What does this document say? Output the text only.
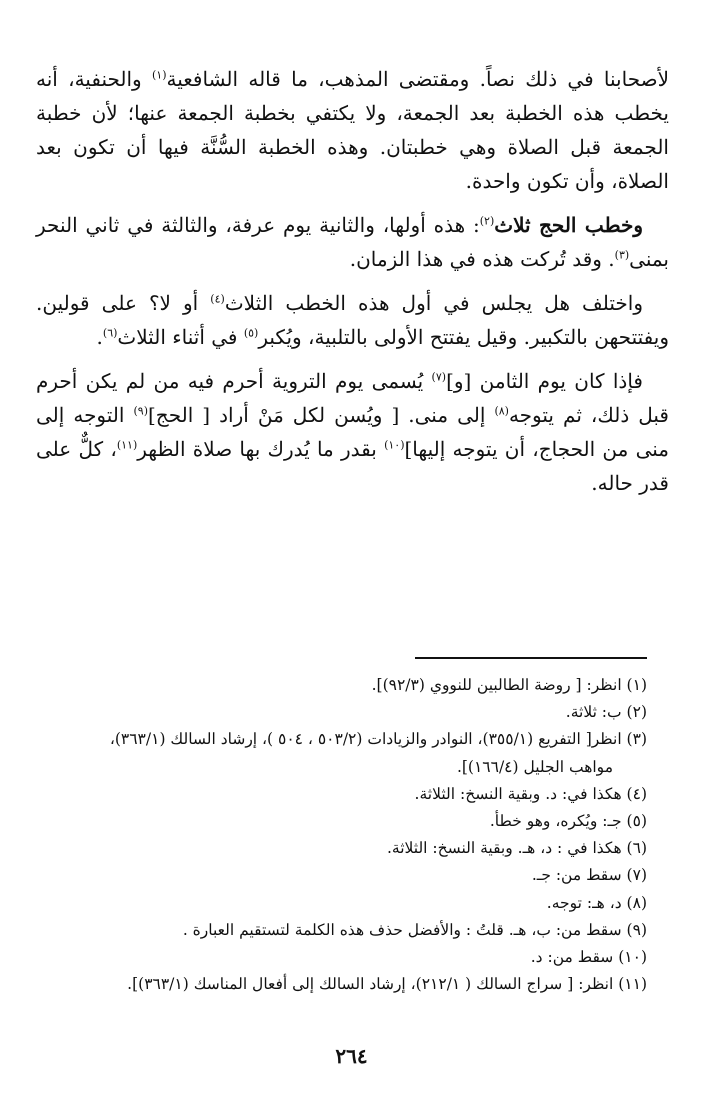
لأصحابنا في ذلك نصاً. ومقتضى المذهب، ما قاله الشافعية$^{(١)}$ والحنفية، أنه يخطب هذه الخطبة بعد الجمعة، ولا يكتفي بخطبة الجمعة عنها؛ لأن خطبة الجمعة قبل الصلاة وهي خطبتان. وهذه الخطبة السُّنَّة فيها أن تكون بعد الصلاة، وأن تكون واحدة.

وخطب الحج ثلاث$^{(٢)}$: هذه أولها، والثانية يوم عرفة، والثالثة في ثاني النحر بمنى$^{(٣)}$. وقد تُركت هذه في هذا الزمان.

واختلف هل يجلس في أول هذه الخطب الثلاث$^{(٤)}$ أو لا؟ على قولين. ويفتتحهن بالتكبير. وقيل يفتتح الأولى بالتلبية، ويُكبر$^{(٥)}$ في أثناء الثلاث$^{(٦)}$.

فإذا كان يوم الثامن [و]$^{(٧)}$ يُسمى يوم التروية أحرم فيه من لم يكن أحرم قبل ذلك، ثم يتوجه$^{(٨)}$ إلى منى. [ ويُسن لكل مَنْ أراد [ الحج]$^{(٩)}$ التوجه إلى منى من الحجاج، أن يتوجه إليها]$^{(١٠)}$ بقدر ما يُدرك بها صلاة الظهر$^{(١١)}$، كلٌّ على قدر حاله.

(١) انظر: [ روضة الطالبين للنووي (٩٢/٣)].
(٢) ب: ثلاثة.
(٣) انظر[ التفريع (٣٥٥/١)، النوادر والزيادات (٥٠٣/٢ ، ٥٠٤ )، إرشاد السالك (٣٦٣/١)،
مواهب الجليل (١٦٦/٤)].
(٤) هكذا في: د. وبقية النسخ: الثلاثة.
(٥) جـ: ويُكره، وهو خطأ.
(٦) هكذا في : د، هـ. وبقية النسخ: الثلاثة.
(٧) سقط من: جـ.
(٨) د، هـ: توجه.
(٩) سقط من: ب، هـ. قلتُ : والأفضل حذف هذه الكلمة لتستقيم العبارة .
(١٠) سقط من: د.
(١١) انظر: [ سراج السالك ( ٢١٢/١)، إرشاد السالك إلى أفعال المناسك (٣٦٣/١)].
٢٦٤
